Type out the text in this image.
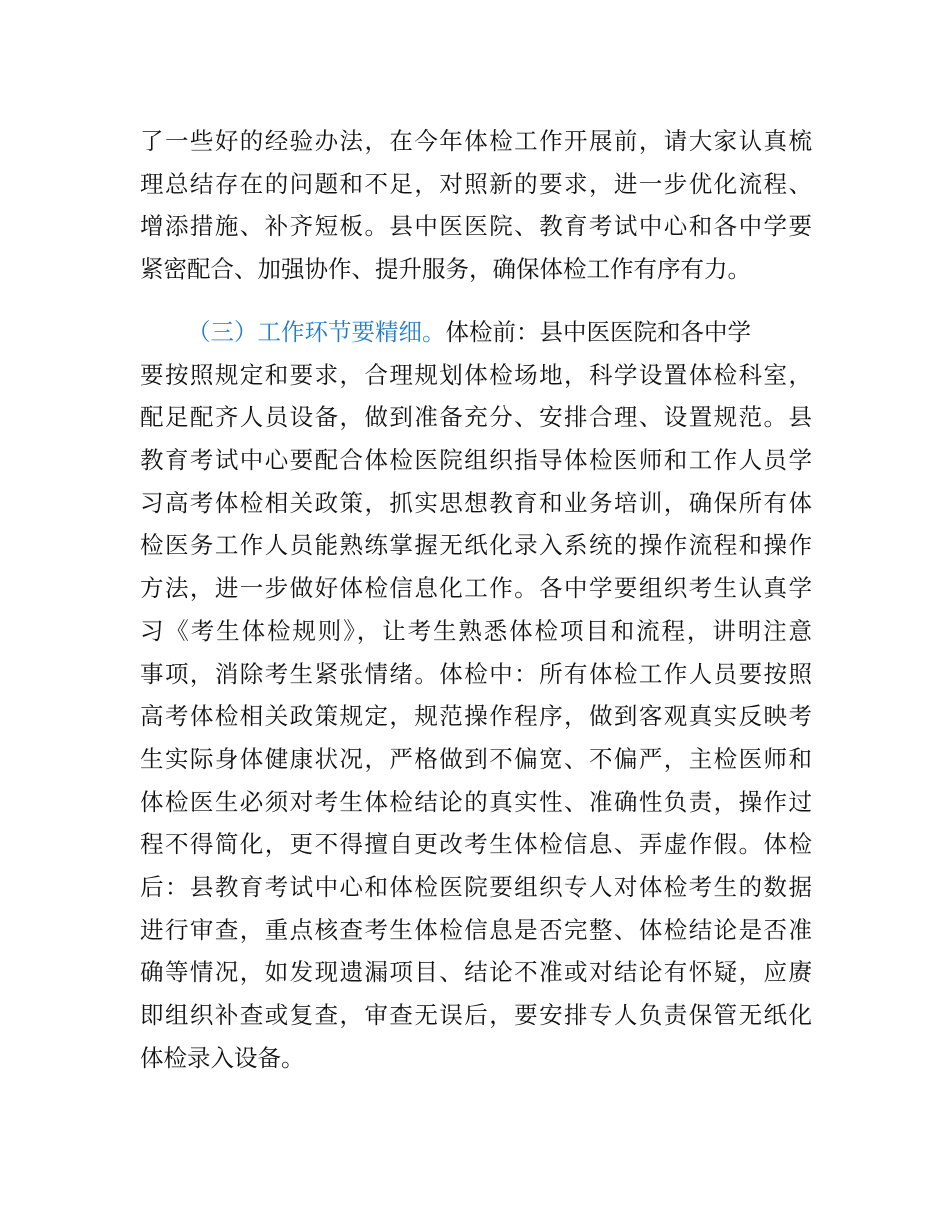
了一些好的经验办法，在今年体检工作开展前，请大家认真梳
理总结存在的问题和不足，对照新的要求，进一步优化流程、
增添措施、补齐短板。县中医医院、教育考试中心和各中学要
紧密配合、加强协作、提升服务，确保体检工作有序有力。
（三）工作环节要精细。体检前：县中医医院和各中学
要按照规定和要求，合理规划体检场地，科学设置体检科室，
配足配齐人员设备，做到准备充分、安排合理、设置规范。县
教育考试中心要配合体检医院组织指导体检医师和工作人员学
习高考体检相关政策，抓实思想教育和业务培训，确保所有体
检医务工作人员能熟练掌握无纸化录入系统的操作流程和操作
方法，进一步做好体检信息化工作。各中学要组织考生认真学
习《考生体检规则》，让考生熟悉体检项目和流程，讲明注意
事项，消除考生紧张情绪。体检中：所有体检工作人员要按照
高考体检相关政策规定，规范操作程序，做到客观真实反映考
生实际身体健康状况，严格做到不偏宽、不偏严，主检医师和
体检医生必须对考生体检结论的真实性、准确性负责，操作过
程不得简化，更不得擅自更改考生体检信息、弄虚作假。体检
后：县教育考试中心和体检医院要组织专人对体检考生的数据
进行审查，重点核查考生体检信息是否完整、体检结论是否准
确等情况，如发现遗漏项目、结论不准或对结论有怀疑，应赓
即组织补查或复查，审查无误后，要安排专人负责保管无纸化
体检录入设备。
